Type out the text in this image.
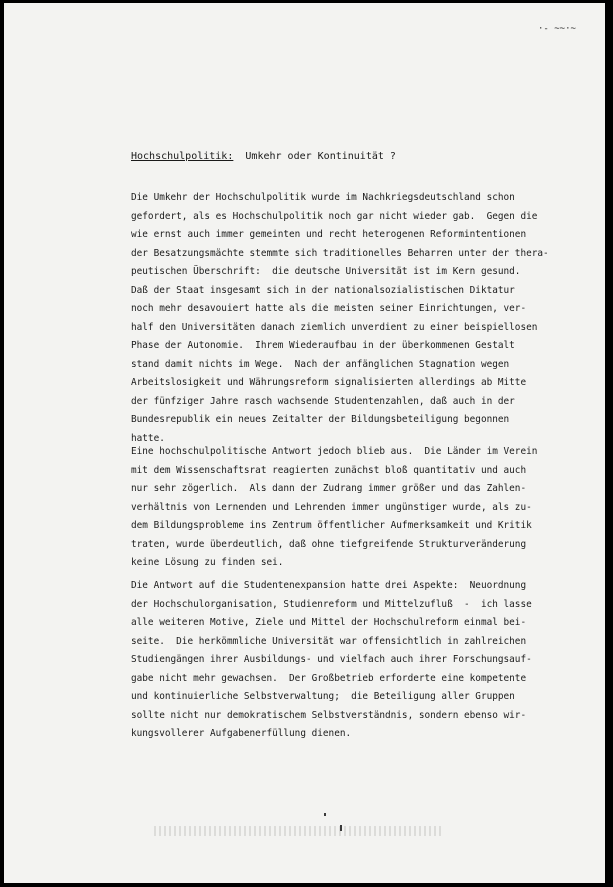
·- ~~·~
Hochschulpolitik: Umkehr oder Kontinuität ?

Die Umkehr der Hochschulpolitik wurde im Nachkriegsdeutschland schon
gefordert, als es Hochschulpolitik noch gar nicht wieder gab.  Gegen die
wie ernst auch immer gemeinten und recht heterogenen Reformintentionen
der Besatzungsmächte stemmte sich traditionelles Beharren unter der thera-
peutischen Überschrift:  die deutsche Universität ist im Kern gesund.
Daß der Staat insgesamt sich in der nationalsozialistischen Diktatur
noch mehr desavouiert hatte als die meisten seiner Einrichtungen, ver-
half den Universitäten danach ziemlich unverdient zu einer beispiellosen
Phase der Autonomie.  Ihrem Wiederaufbau in der überkommenen Gestalt
stand damit nichts im Wege.  Nach der anfänglichen Stagnation wegen
Arbeitslosigkeit und Währungsreform signalisierten allerdings ab Mitte
der fünfziger Jahre rasch wachsende Studentenzahlen, daß auch in der
Bundesrepublik ein neues Zeitalter der Bildungsbeteiligung begonnen
hatte.

Eine hochschulpolitische Antwort jedoch blieb aus.  Die Länder im Verein
mit dem Wissenschaftsrat reagierten zunächst bloß quantitativ und auch
nur sehr zögerlich.  Als dann der Zudrang immer größer und das Zahlen-
verhältnis von Lernenden und Lehrenden immer ungünstiger wurde, als zu-
dem Bildungsprobleme ins Zentrum öffentlicher Aufmerksamkeit und Kritik
traten, wurde überdeutlich, daß ohne tiefgreifende Strukturveränderung
keine Lösung zu finden sei.

Die Antwort auf die Studentenexpansion hatte drei Aspekte:  Neuordnung
der Hochschulorganisation, Studienreform und Mittelzufluß  -  ich lasse
alle weiteren Motive, Ziele und Mittel der Hochschulreform einmal bei-
seite.  Die herkömmliche Universität war offensichtlich in zahlreichen
Studiengängen ihrer Ausbildungs- und vielfach auch ihrer Forschungsauf-
gabe nicht mehr gewachsen.  Der Großbetrieb erforderte eine kompetente
und kontinuierliche Selbstverwaltung;  die Beteiligung aller Gruppen
sollte nicht nur demokratischem Selbstverständnis, sondern ebenso wir-
kungsvollerer Aufgabenerfüllung dienen.
